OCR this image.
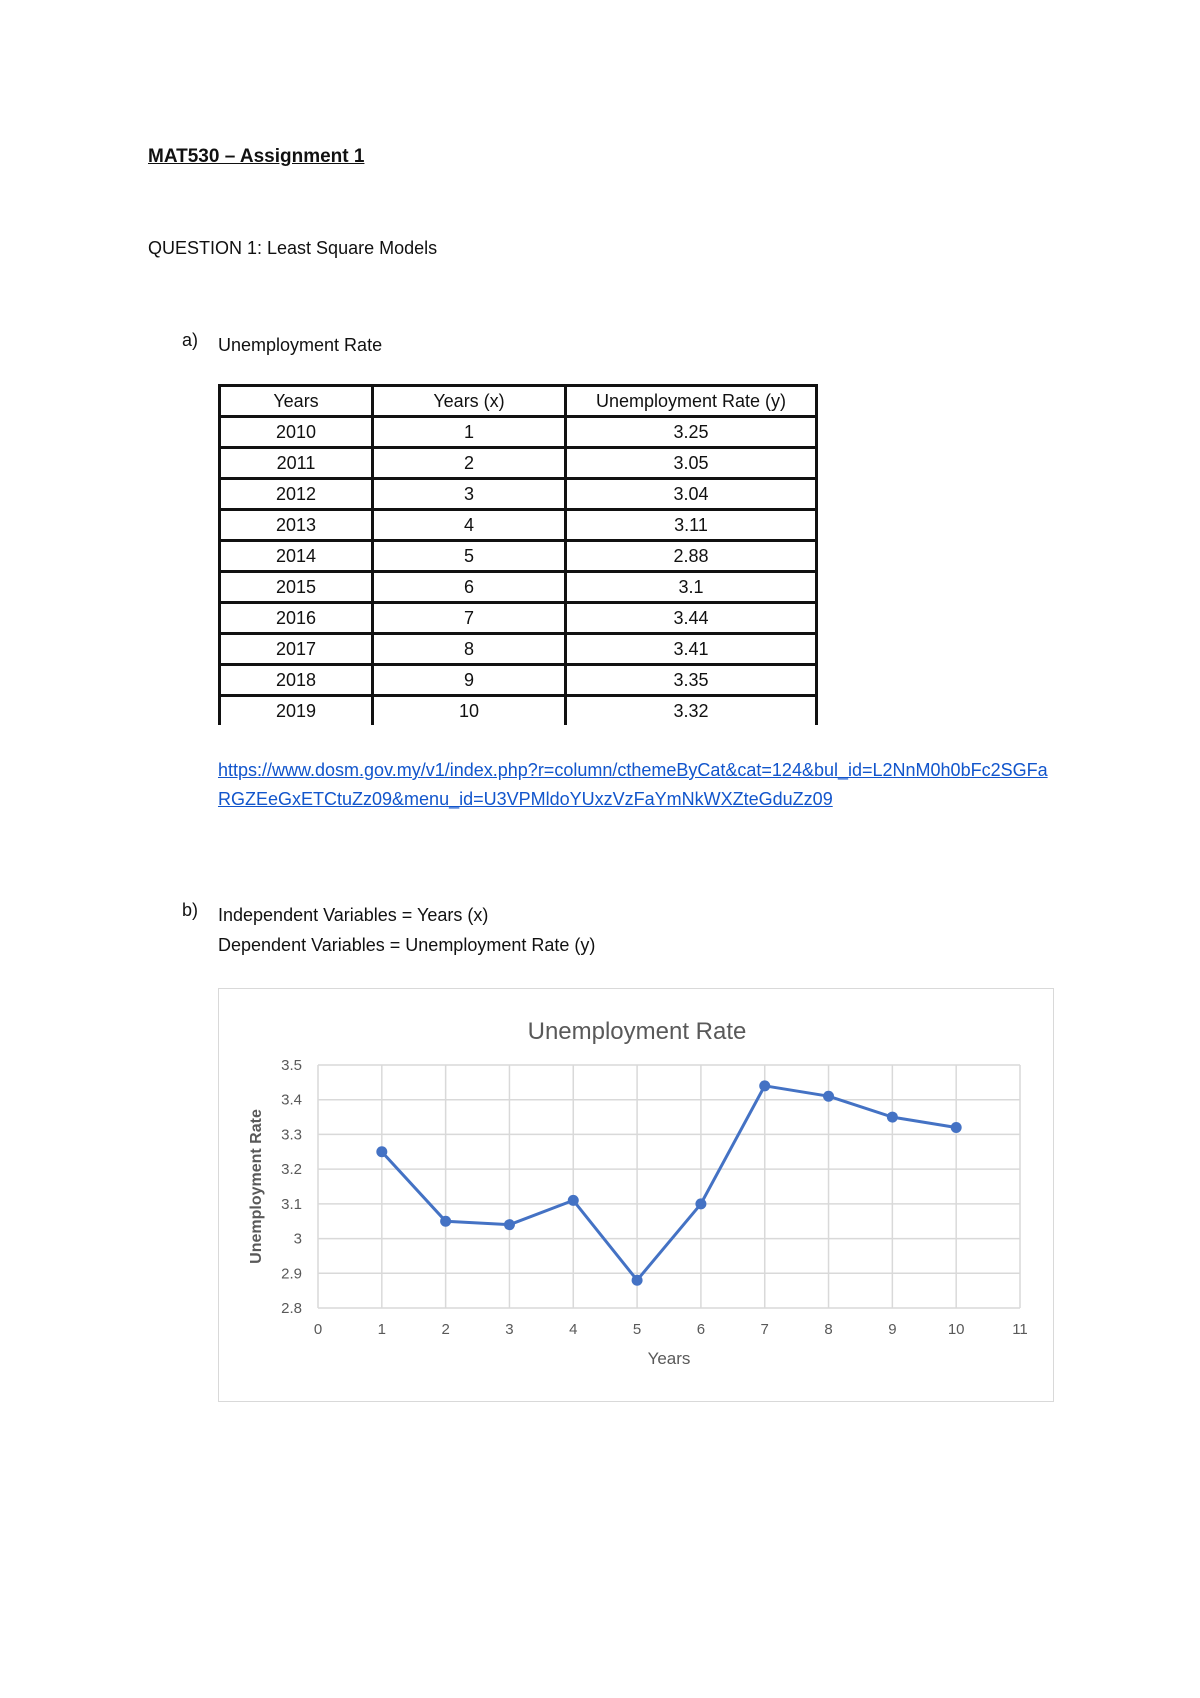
MAT530 – Assignment 1
QUESTION 1: Least Square Models
a)	Unemployment Rate
Years	Years (x)	Unemployment Rate (y)
2010	1	3.25
2011	2	3.05
2012	3	3.04
2013	4	3.11
2014	5	2.88
2015	6	3.1
2016	7	3.44
2017	8	3.41
2018	9	3.35
2019	10	3.32
https://www.dosm.gov.my/v1/index.php?r=column/cthemeByCat&cat=124&bul_id=L2NnM0h0bFc2SGFaRGZEeGxETCtuZz09&menu_id=U3VPMldoYUxzVzFaYmNkWXZteGduZz09
b)	Independent Variables = Years (x)
Dependent Variables = Unemployment Rate (y)
Unemployment Rate
2.8
2.9
3
3.1
3.2
3.3
3.4
3.5
0	1	2	3	4	5	6	7	8	9	10	11
Years
Unemployment Rate
